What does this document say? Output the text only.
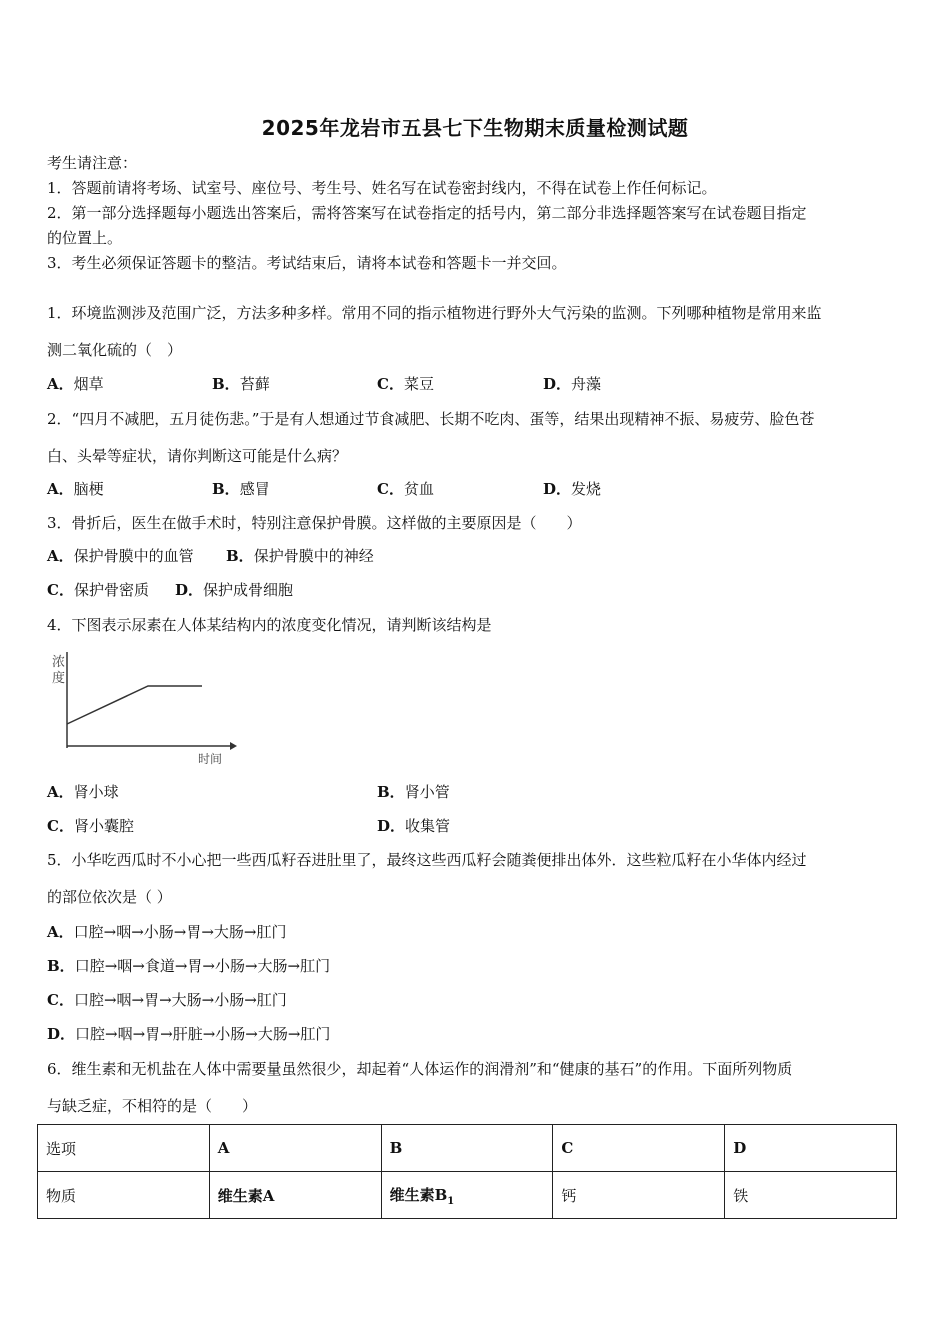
2025年龙岩市五县七下生物期末质量检测试题
考生请注意：
1．答题前请将考场、试室号、座位号、考生号、姓名写在试卷密封线内，不得在试卷上作任何标记。
2．第一部分选择题每小题选出答案后，需将答案写在试卷指定的括号内，第二部分非选择题答案写在试卷题目指定
的位置上。
3．考生必须保证答题卡的整洁。考试结束后，请将本试卷和答题卡一并交回。
1．环境监测涉及范围广泛，方法多种多样。常用不同的指示植物进行野外大气污染的监测。下列哪种植物是常用来监
测二氧化硫的（　）
A．烟草	B．苔藓	C．菜豆	D．舟藻
2．“四月不减肥，五月徒伤悲。”于是有人想通过节食减肥、长期不吃肉、蛋等，结果出现精神不振、易疲劳、脸色苍
白、头晕等症状，请你判断这可能是什么病？
A．脑梗	B．感冒	C．贫血	D．发烧
3．骨折后，医生在做手术时，特别注意保护骨膜。这样做的主要原因是（　　）
A．保护骨膜中的血管 B．保护骨膜中的神经
C．保护骨密质 D．保护成骨细胞
4．下图表示尿素在人体某结构内的浓度变化情况，请判断该结构是
浓
度
时间
A．肾小球	B．肾小管
C．肾小囊腔	D．收集管
5．小华吃西瓜时不小心把一些西瓜籽吞进肚里了，最终这些西瓜籽会随粪便排出体外．这些粒瓜籽在小华体内经过
的部位依次是（ ）
A．口腔→咽→小肠→胃→大肠→肛门
B．口腔→咽→食道→胃→小肠→大肠→肛门
C．口腔→咽→胃→大肠→小肠→肛门
D．口腔→咽→胃→肝脏→小肠→大肠→肛门
6．维生素和无机盐在人体中需要量虽然很少，却起着“人体运作的润滑剂”和“健康的基石”的作用。下面所列物质
与缺乏症，不相符的是（　　）
选项	A	B	C	D
物质	维生素A	维生素$B_1$	钙	铁
